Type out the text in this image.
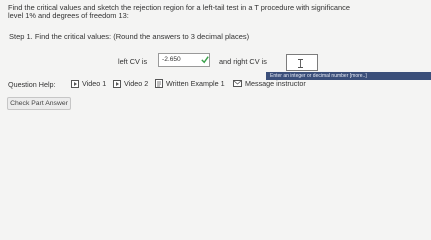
Find the critical values and sketch the rejection region for a left-tail test in a T procedure with significance
level 1% and degrees of freedom 13:
Step 1. Find the critical values: (Round the answers to 3 decimal places)
left CV is	-2.650	and right CV is
Enter an integer or decimal number [more..]
Question Help:	Video 1 Video 2 Written Example 1	Message instructor
Check Part Answer
